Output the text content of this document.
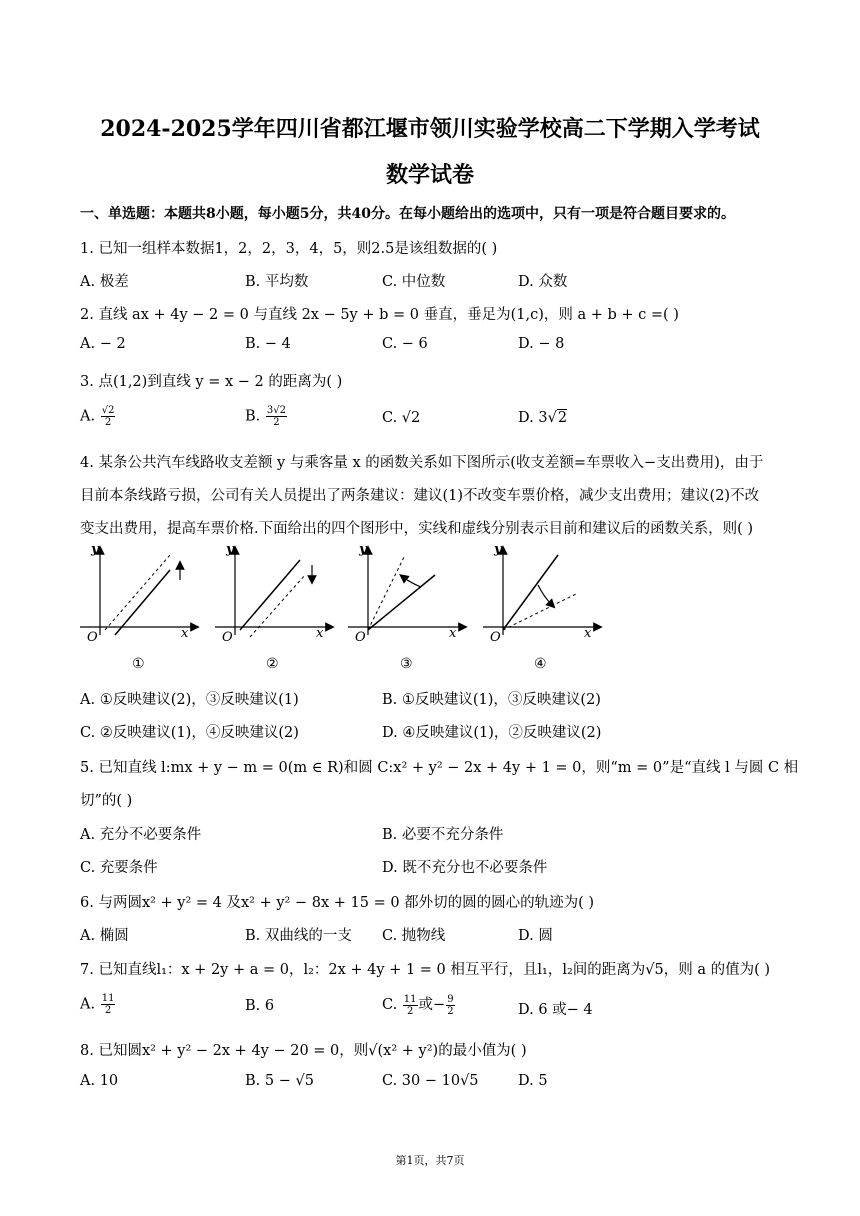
2024-2025学年四川省都江堰市领川实验学校高二下学期入学考试
数学试卷
一、单选题：本题共8小题，每小题5分，共40分。在每小题给出的选项中，只有一项是符合题目要求的。
1. 已知一组样本数据1，2，2，3，4，5，则2.5是该组数据的( )
A. 极差	B. 平均数	C. 中位数	D. 众数
2. 直线 ax + 4y − 2 = 0 与直线 2x − 5y + b = 0 垂直，垂足为(1,c)，则 a + b + c =( )
A. − 2	B. − 4	C. − 6	D. − 8
3. 点(1,2)到直线 y = x − 2 的距离为( )
A. $\frac{√2}{2}$	B. $\frac{3√2}{2}$	C. √2	D. 3√2
4. 某条公共汽车线路收支差额 y 与乘客量 x 的函数关系如下图所示(收支差额=车票收入−支出费用)，由于
目前本条线路亏损，公司有关人员提出了两条建议：建议(1)不改变车票价格，减少支出费用；建议(2)不改
变支出费用，提高车票价格.下面给出的四个图形中，实线和虚线分别表示目前和建议后的函数关系，则( )
y
x
O
y
x
O
y
x
O
y
x
O
①	②	③	④
A. ①反映建议(2)，③反映建议(1)	B. ①反映建议(1)，③反映建议(2)
C. ②反映建议(1)，④反映建议(2)	D. ④反映建议(1)，②反映建议(2)
5. 已知直线 l:mx + y − m = 0(m ∈ R)和圆 C:x² + y² − 2x + 4y + 1 = 0，则“m = 0”是“直线 l 与圆 C 相
切”的( )
A. 充分不必要条件	B. 必要不充分条件
C. 充要条件	D. 既不充分也不必要条件
6. 与两圆x² + y² = 4 及x² + y² − 8x + 15 = 0 都外切的圆的圆心的轨迹为( )
A. 椭圆	B. 双曲线的一支 C. 抛物线	D. 圆
7. 已知直线l₁：x + 2y + a = 0，l₂：2x + 4y + 1 = 0 相互平行，且l₁，l₂间的距离为√5，则 a 的值为( )
A. $\frac{11}{2}$	B. 6	C. $\frac{11}{2}$ 或− $\frac{9}{2}$	D. 6 或− 4
8. 已知圆x² + y² − 2x + 4y − 20 = 0，则√(x² + y²)的最小值为( )
A. 10	B. 5 − √5	C. 30 − 10√5	D. 5
第1页，共7页
